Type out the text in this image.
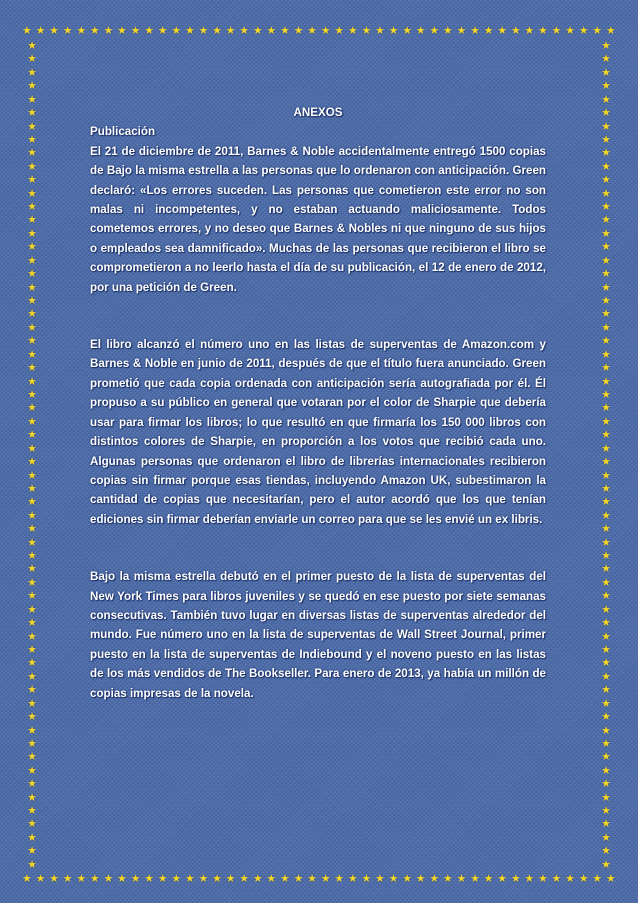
★ ★ ★ ★ ★ ★ ★ ★ ★ ★ ★ ★ ★ ★ ★ ★ ★ ★ ★ ★ ★ ★ ★ ★ ★ ★ ★ ★ ★ ★ ★ ★ ★ ★ ★ ★ ★ ★ ★ ★ ★ ★ ★ ★
★ ★ ★ ★ ★ ★ ★ ★ ★ ★ ★ ★ ★ ★ ★ ★ ★ ★ ★ ★ ★ ★ ★ ★ ★ ★ ★ ★ ★ ★ ★ ★ ★ ★ ★ ★ ★ ★ ★ ★ ★ ★ ★ ★
★
★
★
★
★
★
★
★
★
★
★
★
★
★
★
★
★
★
★
★
★
★
★
★
★
★
★
★
★
★
★
★
★
★
★
★
★
★
★
★
★
★
★
★
★
★
★
★
★
★
★
★
★
★
★
★
★
★
★
★
★
★
★
★
★
★
★
★
★
★
★
★
★
★
★
★
★
★
★
★
★
★
★
★
★
★
★
★
★
★
★
★
★
★
★
★
★
★
★
★
★
★
★
★
★
★
★
★
★
★
★
★
★
★
★
★
★
★
★
★
★
★
★
★

ANEXOS

Publicación

El 21 de diciembre de 2011, Barnes & Noble accidentalmente entregó 1500 copias de Bajo la misma estrella a las personas que lo ordenaron con anticipación. Green declaró: «Los errores suceden. Las personas que cometieron este error no son malas ni incompetentes, y no estaban actuando maliciosamente. Todos cometemos errores, y no deseo que Barnes & Nobles ni que ninguno de sus hijos o empleados sea damnificado». Muchas de las personas que recibieron el libro se comprometieron a no leerlo hasta el día de su publicación, el 12 de enero de 2012, por una petición de Green.

El libro alcanzó el número uno en las listas de superventas de Amazon.com y Barnes & Noble en junio de 2011, después de que el título fuera anunciado. Green prometió que cada copia ordenada con anticipación sería autografiada por él. Él propuso a su público en general que votaran por el color de Sharpie que debería usar para firmar los libros; lo que resultó en que firmaría los 150 000 libros con distintos colores de Sharpie, en proporción a los votos que recibió cada uno. Algunas personas que ordenaron el libro de librerías internacionales recibieron copias sin firmar porque esas tiendas, incluyendo Amazon UK, subestimaron la cantidad de copias que necesitarían, pero el autor acordó que los que tenían ediciones sin firmar deberían enviarle un correo para que se les envié un ex libris.

Bajo la misma estrella debutó en el primer puesto de la lista de superventas del New York Times para libros juveniles y se quedó en ese puesto por siete semanas consecutivas. También tuvo lugar en diversas listas de superventas alrededor del mundo. Fue número uno en la lista de superventas de Wall Street Journal, primer puesto en la lista de superventas de Indiebound y el noveno puesto en las listas de los más vendidos de The Bookseller. Para enero de 2013, ya había un millón de copias impresas de la novela.
